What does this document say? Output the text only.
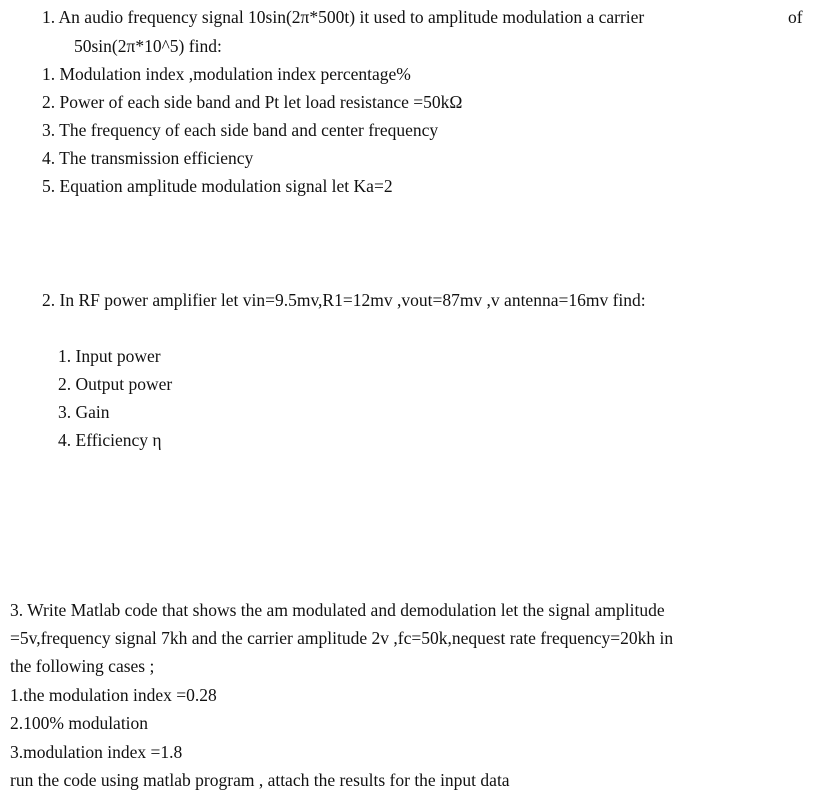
1. An audio frequency signal 10sin(2π*500t) it used to amplitude modulation a carrier	of
50sin(2π*10^5) find:
1. Modulation index ,modulation index percentage%
2. Power of each side band and Pt let load resistance =50kΩ
3. The frequency of each side band and center frequency
4. The transmission efficiency
5. Equation amplitude modulation signal let Ka=2
2. In RF power amplifier let vin=9.5mv,R1=12mv ,vout=87mv ,v antenna=16mv find:
1. Input power
2. Output power
3. Gain
4. Efficiency η
3. Write Matlab code that shows the am modulated and demodulation let the signal amplitude
=5v,frequency signal 7kh and the carrier amplitude 2v ,fc=50k,nequest rate frequency=20kh in
the following cases ;
1.the modulation index =0.28
2.100% modulation
3.modulation index =1.8
run the code using matlab program , attach the results for the input data
